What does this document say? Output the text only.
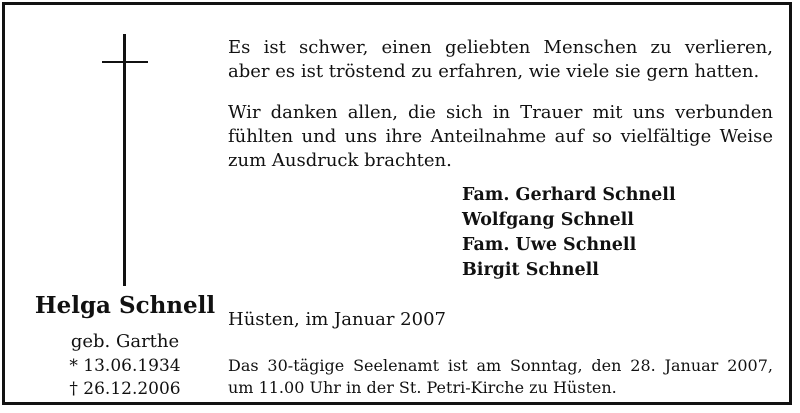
Helga Schnell
geb. Garthe
* 13.06.1934
† 26.12.2006
Es ist schwer, einen geliebten Menschen zu verlieren,
aber es ist tröstend zu erfahren, wie viele sie gern hatten.
Wir danken allen, die sich in Trauer mit uns verbunden
fühlten und uns ihre Anteilnahme auf so vielfältige Weise
zum Ausdruck brachten.
Fam. Gerhard Schnell
Wolfgang Schnell
Fam. Uwe Schnell
Birgit Schnell
Hüsten, im Januar 2007
Das 30-tägige Seelenamt ist am Sonntag, den 28. Januar 2007,
um 11.00 Uhr in der St. Petri-Kirche zu Hüsten.
